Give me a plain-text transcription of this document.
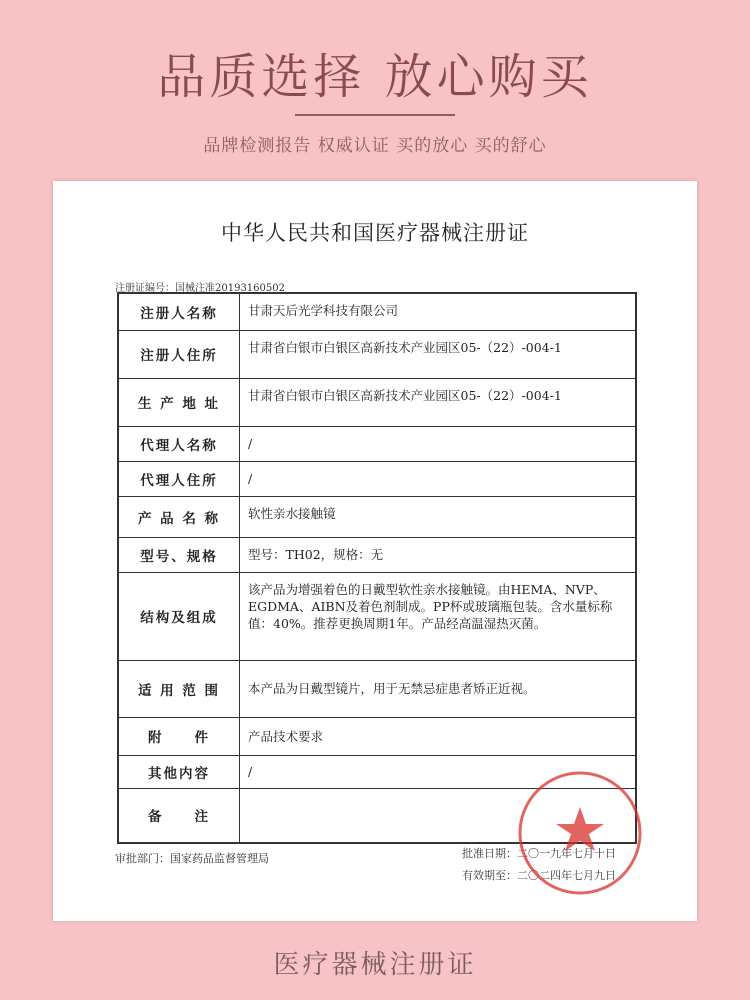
品质选择 放心购买
品牌检测报告 权威认证 买的放心 买的舒心
中华人民共和国医疗器械注册证
注册证编号：国械注准20193160502
注册人名称	甘肃天后光学科技有限公司
注册人住所	甘肃省白银市白银区高新技术产业园区05-（22）-004-1
生 产 地 址	甘肃省白银市白银区高新技术产业园区05-（22）-004-1
代理人名称	/
代理人住所	/
产 品 名 称	软性亲水接触镜
型号、规格	型号：TH02，规格：无
结构及组成	该产品为增强着色的日戴型软性亲水接触镜。由HEMA、NVP、EGDMA、AIBN及着色剂制成。PP杯或玻璃瓶包装。含水量标称值：40%。推荐更换周期1年。产品经高温湿热灭菌。
适 用 范 围	本产品为日戴型镜片，用于无禁忌症患者矫正近视。
附　　件	产品技术要求
其他内容	/
备　　注	
审批部门：国家药品监督管理局	批准日期：二〇一九年七月十日
有效期至：二〇二四年七月九日
医疗器械注册证
